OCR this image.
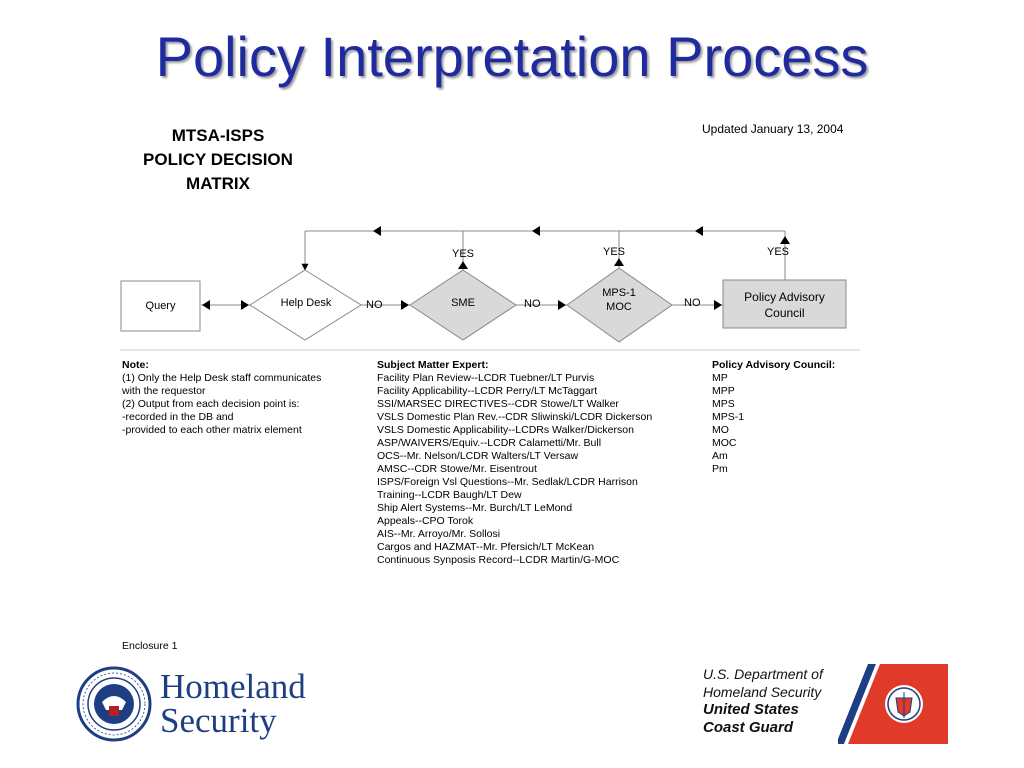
Policy Interpretation Process
MTSA-ISPS
POLICY DECISION
MATRIX
Updated January 13, 2004
Query	Help Desk	SME
MPS-1
MOC
Policy Advisory
Council
NO	NO	NO
YES	YES	YES
Note:
(1) Only the Help Desk staff communicates
with the requestor
(2) Output from each decision point is:
-recorded in the DB and
-provided to each other matrix element
Subject Matter Expert:
Facility Plan Review--LCDR Tuebner/LT Purvis
Facility Applicability--LCDR Perry/LT McTaggart
SSI/MARSEC DIRECTIVES--CDR Stowe/LT Walker
VSLS Domestic Plan Rev.--CDR Sliwinski/LCDR Dickerson
VSLS Domestic Applicability--LCDRs Walker/Dickerson
ASP/WAIVERS/Equiv.--LCDR Calametti/Mr. Bull
OCS--Mr. Nelson/LCDR Walters/LT Versaw
AMSC--CDR Stowe/Mr. Eisentrout
ISPS/Foreign Vsl Questions--Mr. Sedlak/LCDR Harrison
Training--LCDR Baugh/LT Dew
Ship Alert Systems--Mr. Burch/LT LeMond
Appeals--CPO Torok
AIS--Mr. Arroyo/Mr. Sollosi
Cargos and HAZMAT--Mr. Pfersich/LT McKean
Continuous Synposis Record--LCDR Martin/G-MOC
Policy Advisory Council:
MP
MPP
MPS
MPS-1
MO
MOC
Am
Pm
Enclosure 1
Homeland
Security
U.S. Department of
Homeland Security
United States
Coast Guard
